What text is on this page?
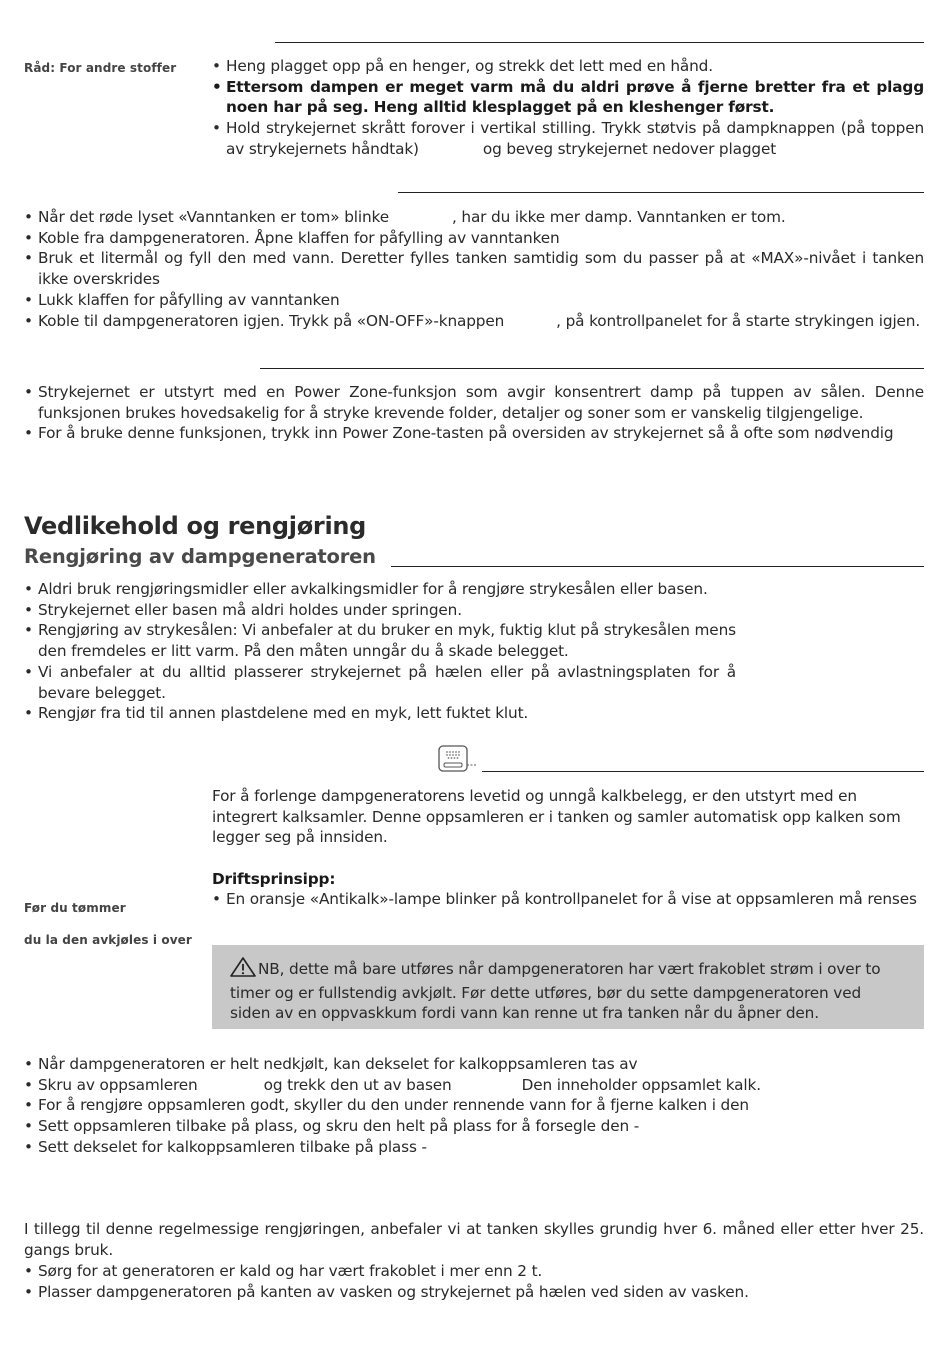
Råd: For andre stoffer
•	Heng plagget opp på en henger, og strekk det lett med en hånd.
• Ettersom dampen er meget varm må du aldri prøve å fjerne bretter fra et plagg noen har på seg. Heng alltid klesplagget på en kleshenger først.
• Hold strykejernet skrått forover i vertikal stilling. Trykk støtvis på dampknappen (på toppen av strykejernets håndtak)	og beveg strykejernet nedover plagget
• Når det røde lyset «Vanntanken er tom» blinke	, har du ikke mer damp. Vanntanken er tom.
• Koble fra dampgeneratoren. Åpne klaffen for påfylling av vanntanken
• Bruk et litermål og fyll den med vann. Deretter fylles tanken samtidig som du passer på at «MAX»-nivået i tanken ikke overskrides
• Lukk klaffen for påfylling av vanntanken
• Koble til dampgeneratoren igjen. Trykk på «ON-OFF»-knappen	, på kontrollpanelet for å starte strykingen igjen.
• Strykejernet er utstyrt med en Power Zone-funksjon som avgir konsentrert damp på tuppen av sålen. Denne funksjonen brukes hovedsakelig for å stryke krevende folder, detaljer og soner som er vanskelig tilgjengelige.
• For å bruke denne funksjonen, trykk inn Power Zone-tasten på oversiden av strykejernet så å ofte som nødvendig
Vedlikehold og rengjøring
Rengjøring av dampgeneratoren
• Aldri bruk rengjøringsmidler eller avkalkingsmidler for å rengjøre strykesålen eller basen.
• Strykejernet eller basen må aldri holdes under springen.
• Rengjøring av strykesålen: Vi anbefaler at du bruker en myk, fuktig klut på strykesålen mens den fremdeles er litt varm. På den måten unngår du å skade belegget.
• Vi anbefaler at du alltid plasserer strykejernet på hælen eller på avlastningsplaten for å bevare belegget.
• Rengjør fra tid til annen plastdelene med en myk, lett fuktet klut.
For å forlenge dampgeneratorens levetid og unngå kalkbelegg, er den utstyrt med en integrert kalksamler. Denne oppsamleren er i tanken og samler automatisk opp kalken som legger seg på innsiden.
Driftsprinsipp:
• En oransje «Antikalk»-lampe blinker på kontrollpanelet for å vise at oppsamleren må renses
Før du tømmer
du la den avkjøles i over
NB, dette må bare utføres når dampgeneratoren har vært frakoblet strøm i over to timer og er fullstendig avkjølt. Før dette utføres, bør du sette dampgeneratoren ved siden av en oppvaskkum fordi vann kan renne ut fra tanken når du åpner den.
• Når dampgeneratoren er helt nedkjølt, kan dekselet for kalkoppsamleren tas av
• Skru av oppsamleren	og trekk den ut av basen	Den inneholder oppsamlet kalk.
• For å rengjøre oppsamleren godt, skyller du den under rennende vann for å fjerne kalken i den
• Sett oppsamleren tilbake på plass, og skru den helt på plass for å forsegle den -
• Sett dekselet for kalkoppsamleren tilbake på plass -
I tillegg til denne regelmessige rengjøringen, anbefaler vi at tanken skylles grundig hver 6. måned eller etter hver 25. gangs bruk.
• Sørg for at generatoren er kald og har vært frakoblet i mer enn 2 t.
• Plasser dampgeneratoren på kanten av vasken og strykejernet på hælen ved siden av vasken.
